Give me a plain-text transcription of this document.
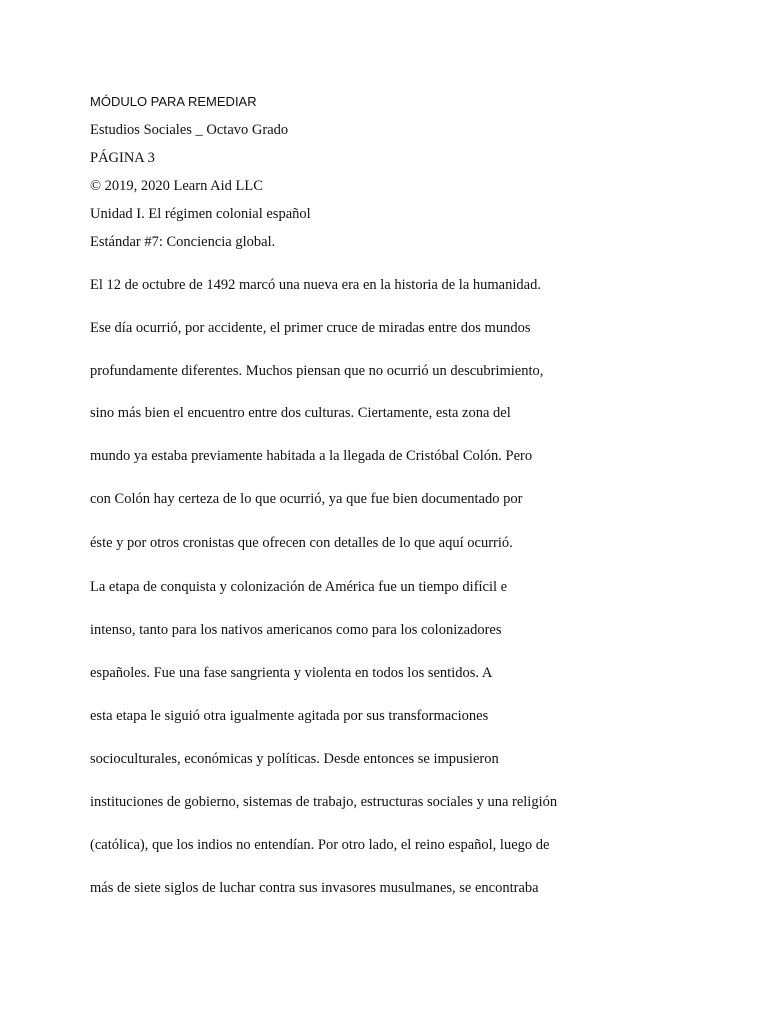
MÓDULO PARA REMEDIAR
Estudios Sociales _ Octavo Grado
PÁGINA 3
© 2019, 2020 Learn Aid LLC
Unidad I. El régimen colonial español
Estándar #7: Conciencia global.
El 12 de octubre de 1492 marcó una nueva era en la historia de la humanidad.
Ese día ocurrió, por accidente, el primer cruce de miradas entre dos mundos
profundamente diferentes. Muchos piensan que no ocurrió un descubrimiento,
sino más bien el encuentro entre dos culturas. Ciertamente, esta zona del
mundo ya estaba previamente habitada a la llegada de Cristóbal Colón. Pero
con Colón hay certeza de lo que ocurrió, ya que fue bien documentado por
éste y por otros cronistas que ofrecen con detalles de lo que aquí ocurrió.
La etapa de conquista y colonización de América fue un tiempo difícil e
intenso, tanto para los nativos americanos como para los colonizadores
españoles. Fue una fase sangrienta y violenta en todos los sentidos. A
esta etapa le siguió otra igualmente agitada por sus transformaciones
socioculturales, económicas y políticas. Desde entonces se impusieron
instituciones de gobierno, sistemas de trabajo, estructuras sociales y una religión
(católica), que los indios no entendían. Por otro lado, el reino español, luego de
más de siete siglos de luchar contra sus invasores musulmanes, se encontraba
